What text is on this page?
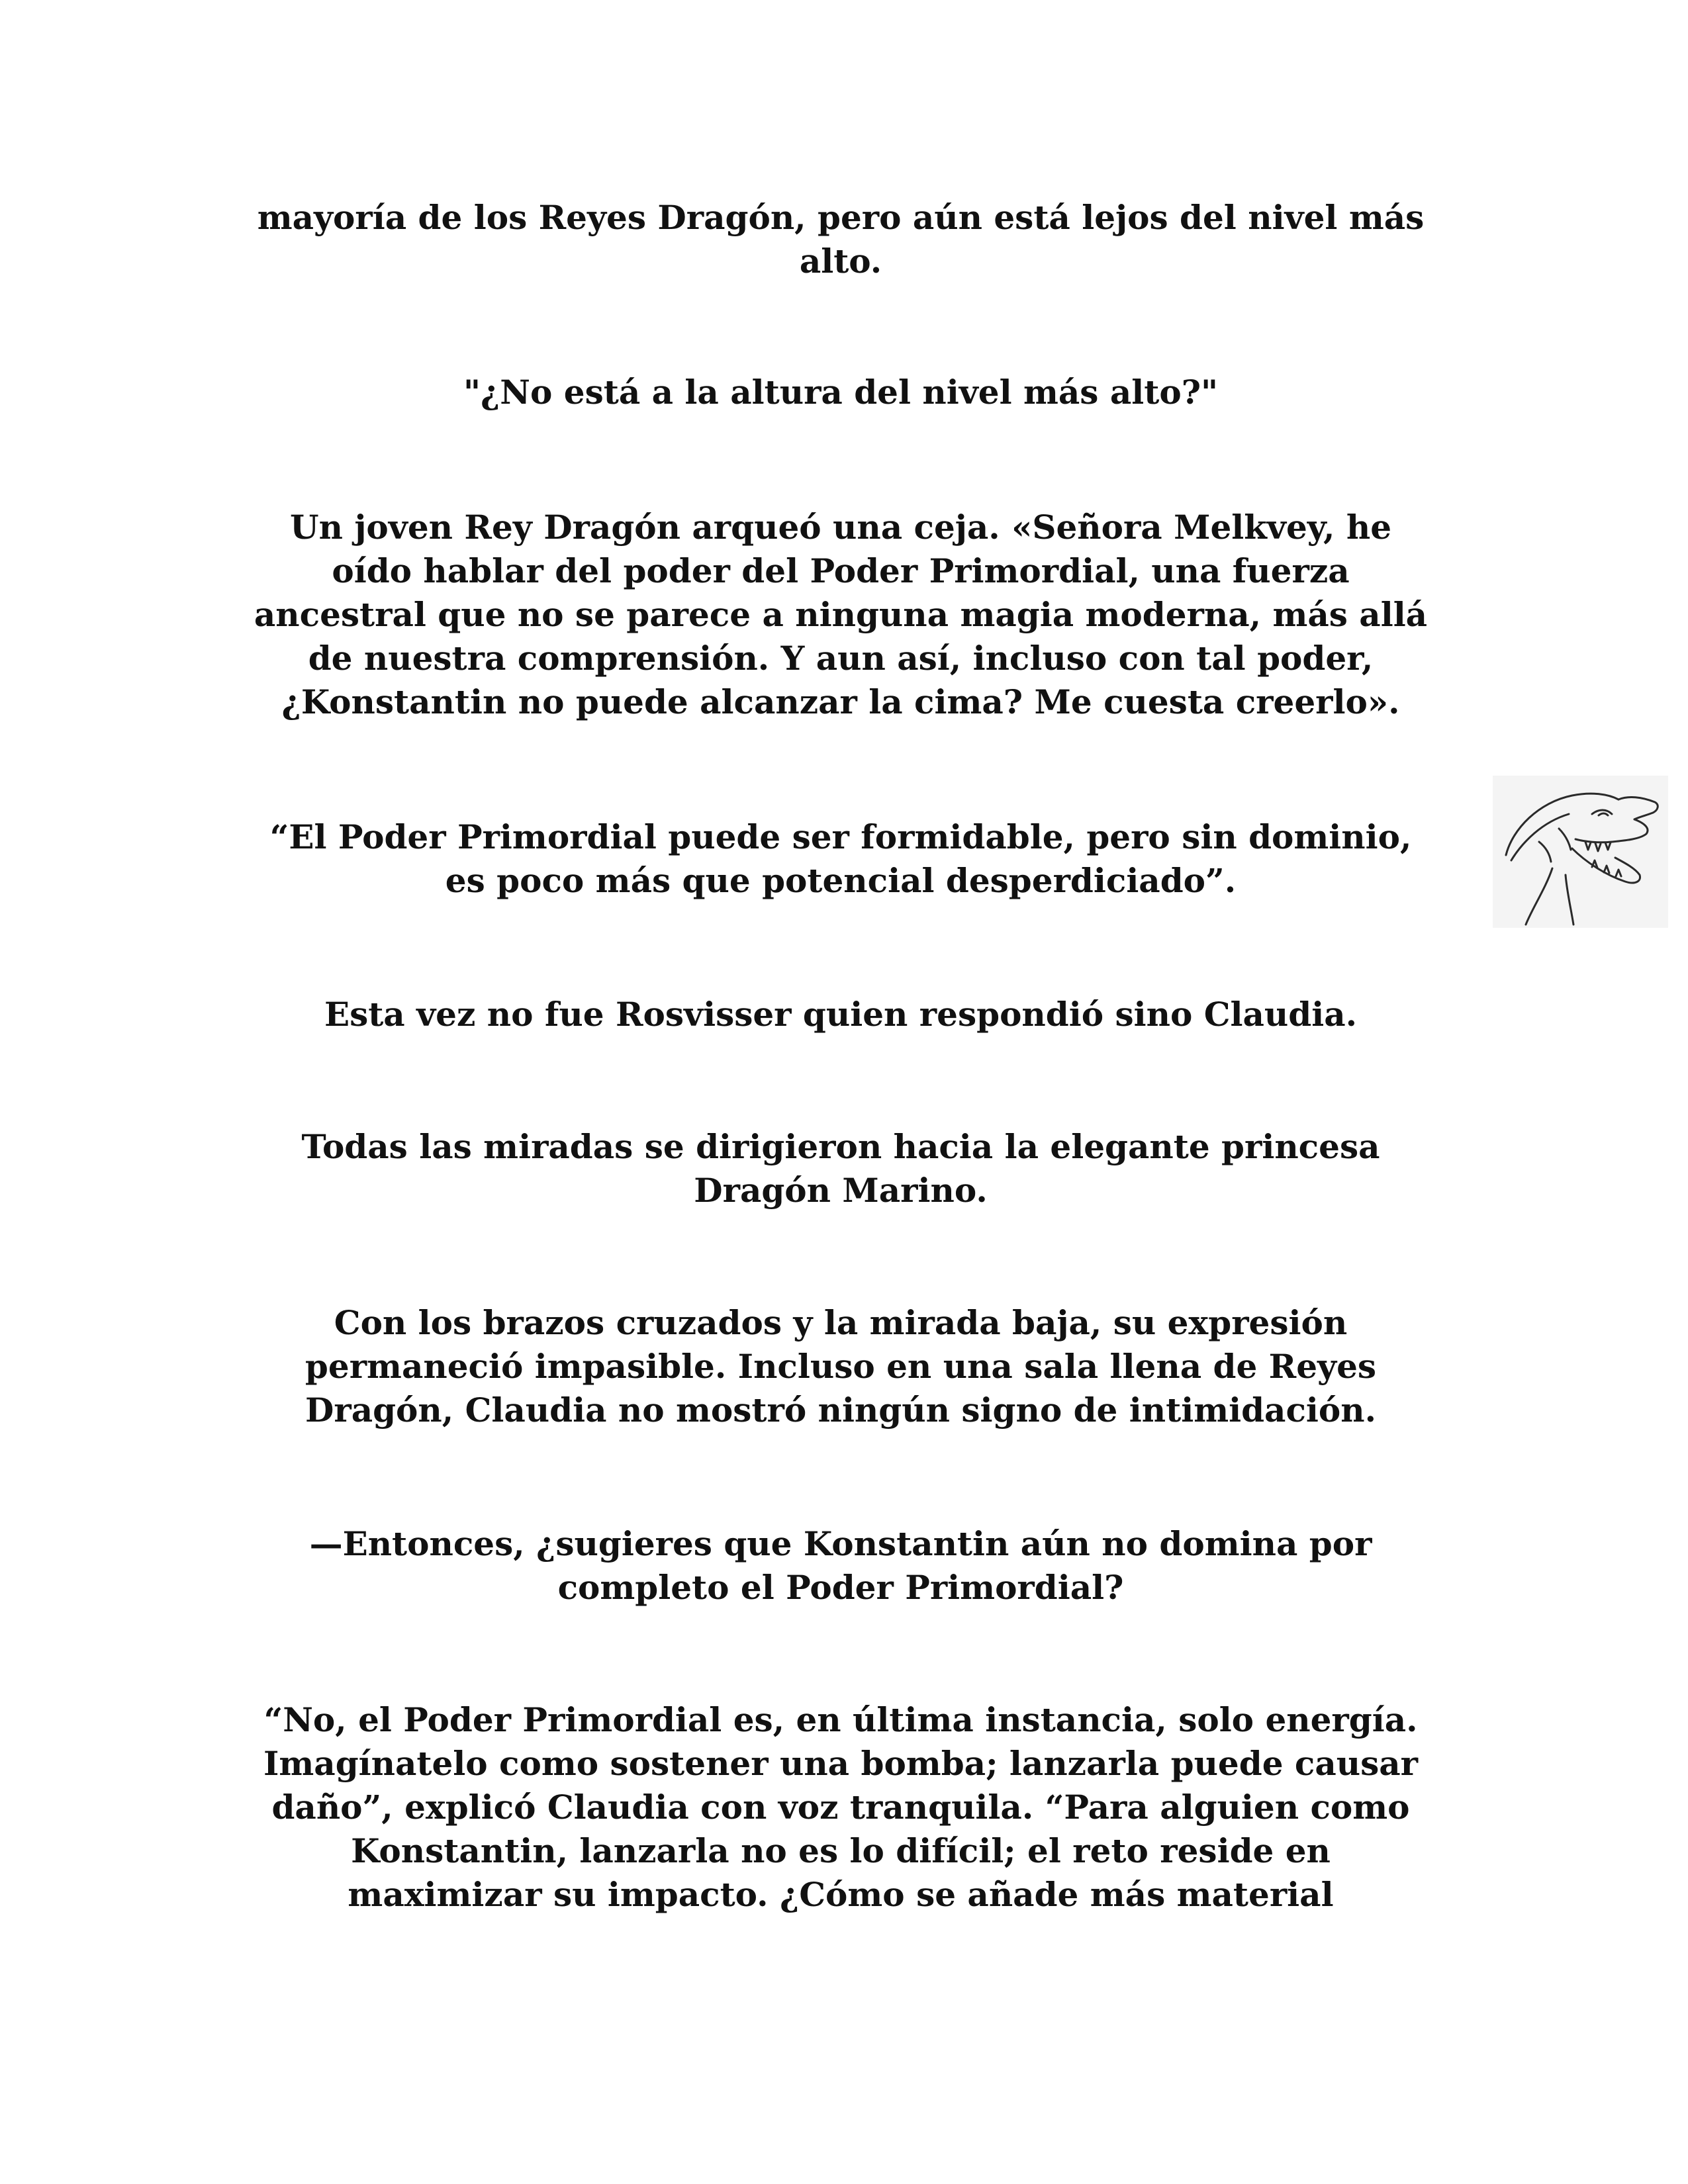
mayoría de los Reyes Dragón, pero aún está lejos del nivel más
alto.
"¿No está a la altura del nivel más alto?"
Un joven Rey Dragón arqueó una ceja. «Señora Melkvey, he
oído hablar del poder del Poder Primordial, una fuerza
ancestral que no se parece a ninguna magia moderna, más allá
de nuestra comprensión. Y aun así, incluso con tal poder,
¿Konstantin no puede alcanzar la cima? Me cuesta creerlo».
“El Poder Primordial puede ser formidable, pero sin dominio,
es poco más que potencial desperdiciado”.
Esta vez no fue Rosvisser quien respondió sino Claudia.
Todas las miradas se dirigieron hacia la elegante princesa
Dragón Marino.
Con los brazos cruzados y la mirada baja, su expresión
permaneció impasible. Incluso en una sala llena de Reyes
Dragón, Claudia no mostró ningún signo de intimidación.
—Entonces, ¿sugieres que Konstantin aún no domina por
completo el Poder Primordial?
“No, el Poder Primordial es, en última instancia, solo energía.
Imagínatelo como sostener una bomba; lanzarla puede causar
daño”, explicó Claudia con voz tranquila. “Para alguien como
Konstantin, lanzarla no es lo difícil; el reto reside en
maximizar su impacto. ¿Cómo se añade más material
